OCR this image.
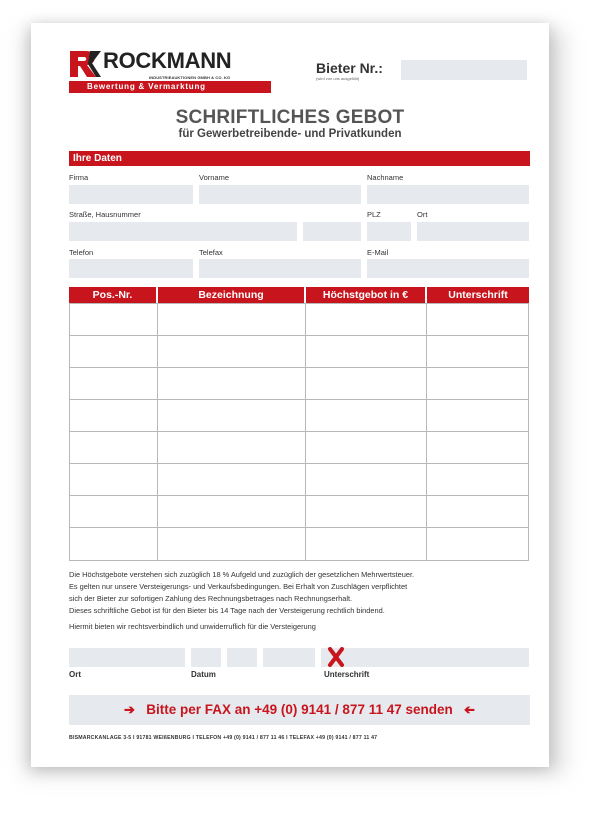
ROCKMANN
INDUSTRIEAUKTIONEN GMBH & CO. KG
Bewertung & Vermarktung
Bieter Nr.:
(wird von uns ausgefüllt)
SCHRIFTLICHES GEBOT
für Gewerbetreibende- und Privatkunden
Ihre Daten
Firma	Vorname	Nachname
Straße, Hausnummer	PLZ	Ort
Telefon	Telefax	E-Mail
Pos.-Nr.	Bezeichnung	Höchstgebot in €	Unterschrift
Die Höchstgebote verstehen sich zuzüglich 18 % Aufgeld und zuzüglich der gesetzlichen Mehrwertsteuer.
Es gelten nur unsere Versteigerungs- und Verkaufsbedingungen. Bei Erhalt von Zuschlägen verpflichtet
sich der Bieter zur sofortigen Zahlung des Rechnungsbetrages nach Rechnungserhalt.
Dieses schriftliche Gebot ist für den Bieter bis 14 Tage nach der Versteigerung rechtlich bindend.
Hiermit bieten wir rechtsverbindlich und unwiderruflich für die Versteigerung
Ort	Datum	Unterschrift
➔ Bitte per FAX an +49 (0) 9141 / 877 11 47 senden ➔
BISMARCKANLAGE 3-5 I 91781 WEIßENBURG I TELEFON +49 (0) 9141 / 877 11 46 I TELEFAX +49 (0) 9141 / 877 11 47
